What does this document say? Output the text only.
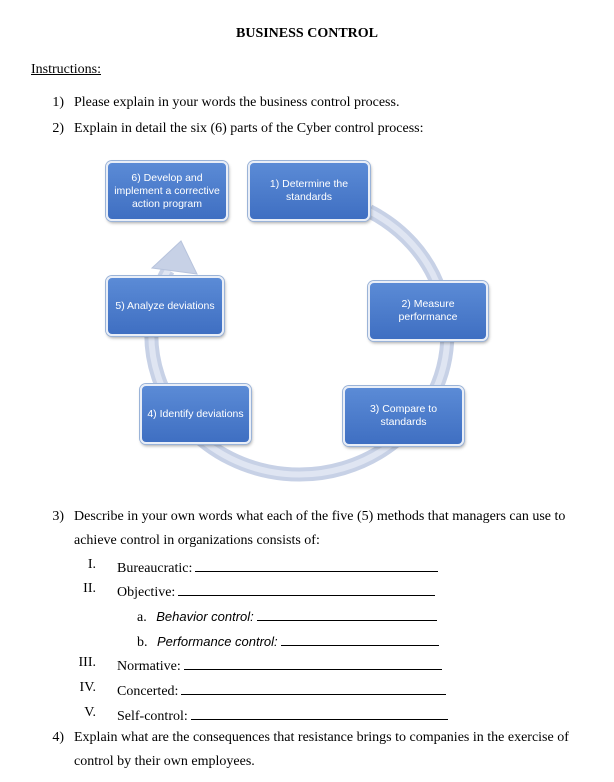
BUSINESS CONTROL
Instructions:
1) Please explain in your words the business control process.
2) Explain in detail the six (6) parts of the Cyber control process:
6) Develop and implement a corrective action program
1) Determine the standards
2) Measure performance
3) Compare to standards
4) Identify deviations
5) Analyze deviations
3) Describe in your own words what each of the five (5) methods that managers can use to
achieve control in organizations consists of:
I. Bureaucratic:
II. Objective:
a. Behavior control:
b. Performance control:
III. Normative:
IV. Concerted:
V. Self-control:
4) Explain what are the consequences that resistance brings to companies in the exercise of
control by their own employees.
